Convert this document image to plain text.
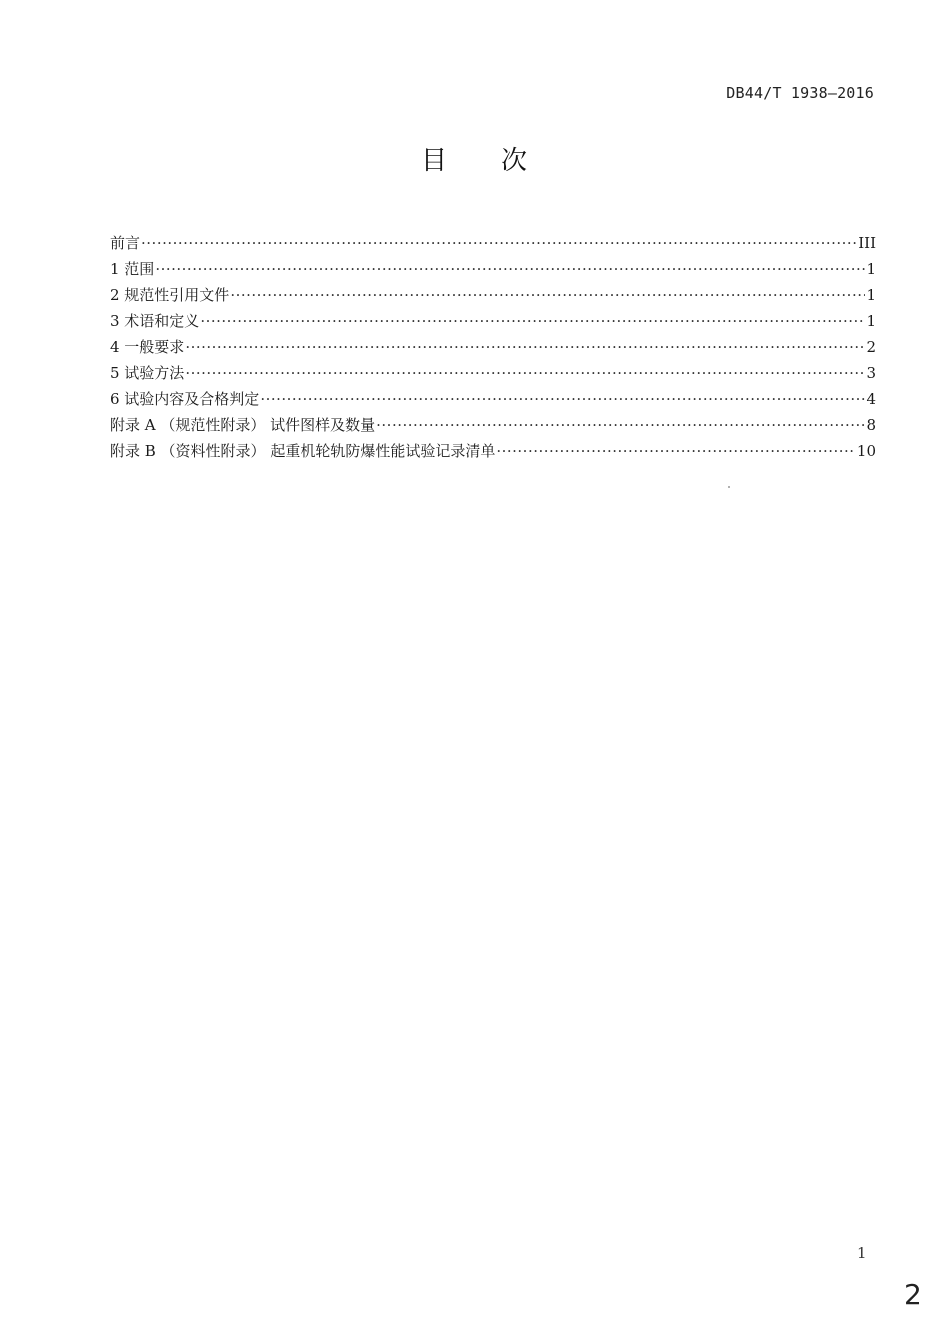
DB44/T 1938—2016
目 次
前言 ·····	III
1 范围 ·····	1
2 规范性引用文件 ·····	1
3 术语和定义 ·····	1
4 一般要求 ·····	2
5 试验方法 ·····	3
6 试验内容及合格判定 ·····	4
附录 A （规范性附录） 试件图样及数量 ·····	8
附录 B （资料性附录） 起重机轮轨防爆性能试验记录清单 ·····	10
1
2
